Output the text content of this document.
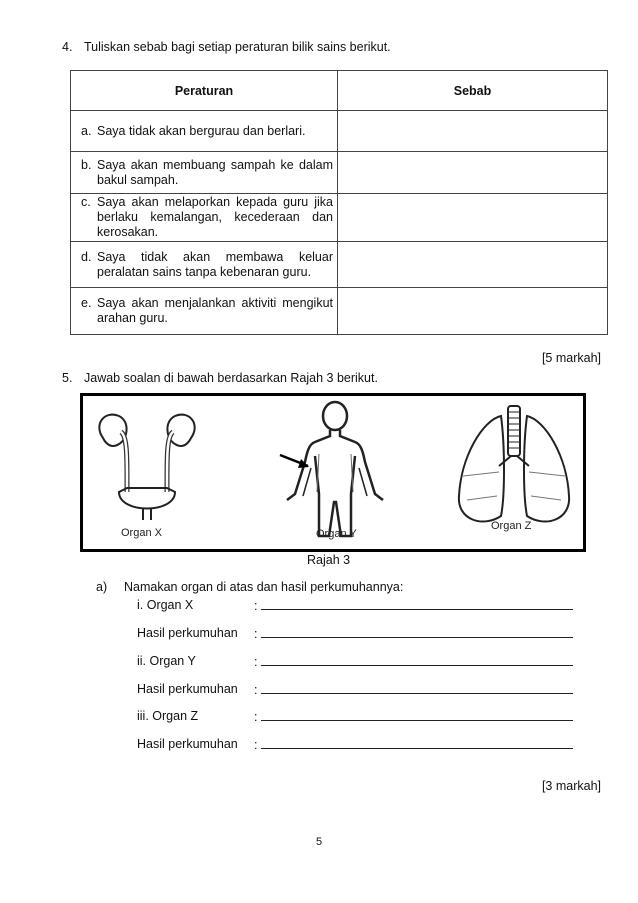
4. Tuliskan sebab bagi setiap peraturan bilik sains berikut.
Peraturan	Sebab

a. Saya tidak akan bergurau dan berlari.	

b. Saya akan membuang sampah ke dalam bakul sampah.	

c. Saya akan melaporkan kepada guru jika berlaku kemalangan, kecederaan dan kerosakan.	

d. Saya tidak akan membawa keluar peralatan sains tanpa kebenaran guru.	

e. Saya akan menjalankan aktiviti mengikut arahan guru.	

[5 markah]
5. Jawab soalan di bawah berdasarkan Rajah 3 berikut.
Organ X	Organ Y
Organ Z
Rajah 3
a) Namakan organ di atas dan hasil perkumuhannya:
i. Organ X	:
Hasil perkumuhan :
ii. Organ Y	:
Hasil perkumuhan :
iii. Organ Z	:
Hasil perkumuhan :
[3 markah]
5
